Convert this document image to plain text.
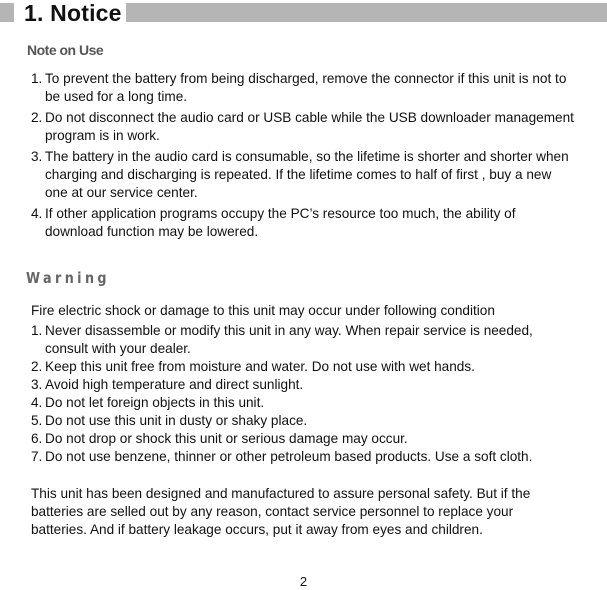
1. Notice
Note on Use
1. To prevent the battery from being discharged, remove the connector if this unit is not to be used for a long time.
2. Do not disconnect the audio card or USB cable while the USB downloader management program is in work.
3. The battery in the audio card is consumable, so the lifetime is shorter and shorter when charging and discharging is repeated. If the lifetime comes to half of first , buy a new one at our service center.
4. If other application programs occupy the PC’s resource too much, the ability of download function may be lowered.
Warning
Fire electric shock or damage to this unit may occur under following condition
1. Never disassemble or modify this unit in any way. When repair service is needed, consult with your dealer.
2. Keep this unit free from moisture and water. Do not use with wet hands.
3. Avoid high temperature and direct sunlight.
4. Do not let foreign objects in this unit.
5. Do not use this unit in dusty or shaky place.
6. Do not drop or shock this unit or serious damage may occur.
7. Do not use benzene, thinner or other petroleum based products. Use a soft cloth.
This unit has been designed and manufactured to assure personal safety. But if the batteries are selled out by any reason, contact service personnel to replace your batteries. And if battery leakage occurs, put it away from eyes and children.
2
